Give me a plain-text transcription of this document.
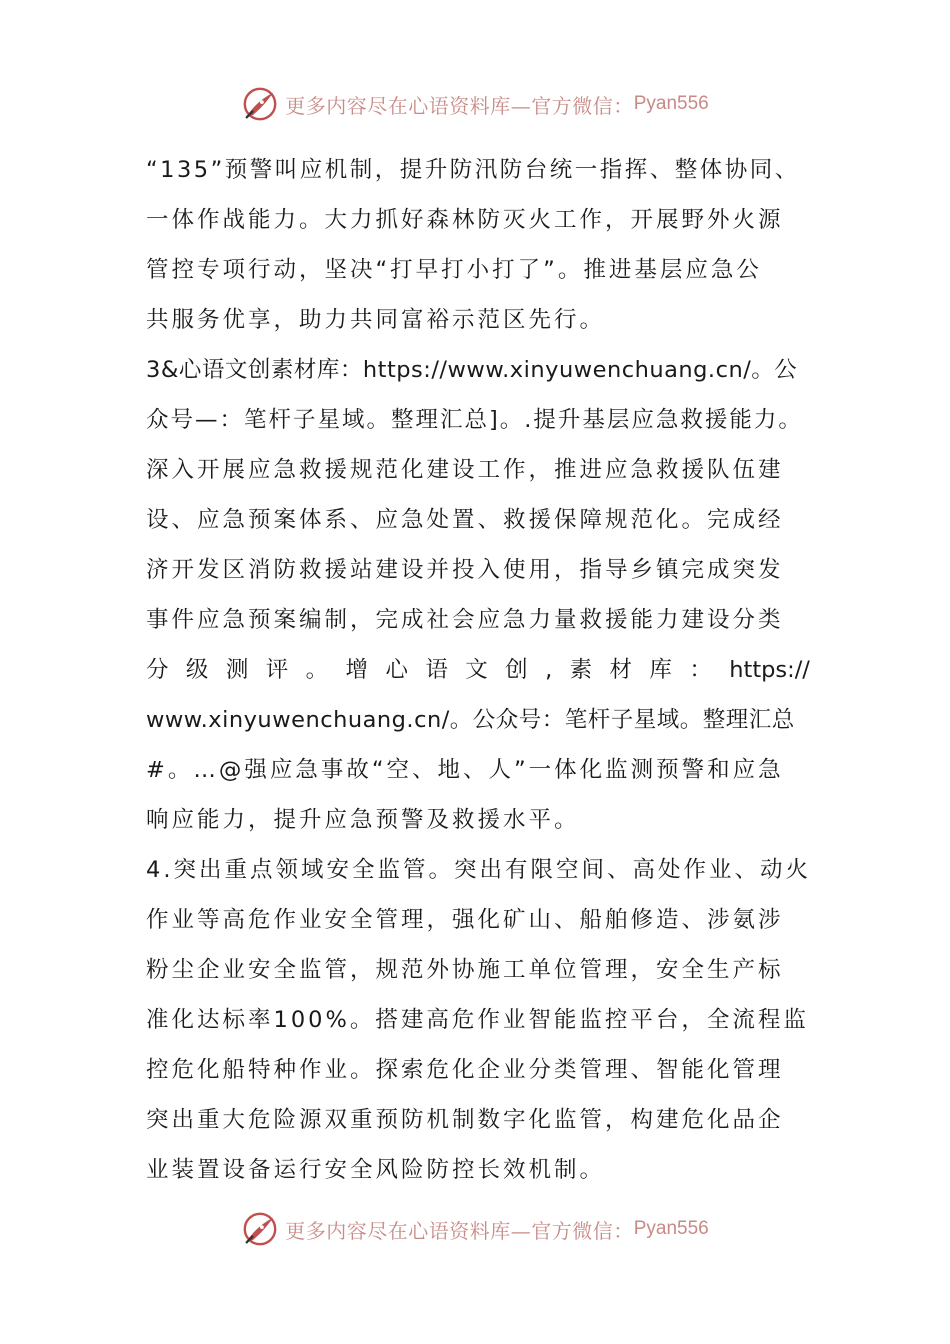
更多内容尽在心语资料库—官方微信： Pyan556
“135”预警叫应机制，提升防汛防台统一指挥、整体协同、
一体作战能力。大力抓好森林防灭火工作，开展野外火源
管控专项行动，坚决“打早打小打了”。推进基层应急公
共服务优享，助力共同富裕示范区先行。
3&心语文创素材库：https://www.xinyuwenchuang.cn/。公
众号—：笔杆子星域。整理汇总]。.提升基层应急救援能力。
深入开展应急救援规范化建设工作，推进应急救援队伍建
设、应急预案体系、应急处置、救援保障规范化。完成经
济开发区消防救援站建设并投入使用，指导乡镇完成突发
事件应急预案编制，完成社会应急力量救援能力建设分类
分 级 测 评 。 增 心 语 文 创 , 素 材 库 ： https://
www.xinyuwenchuang.cn/。公众号：笔杆子星域。整理汇总
#。…@强应急事故“空、地、人”一体化监测预警和应急
响应能力，提升应急预警及救援水平。
4.突出重点领域安全监管。突出有限空间、高处作业、动火
作业等高危作业安全管理，强化矿山、船舶修造、涉氨涉
粉尘企业安全监管，规范外协施工单位管理，安全生产标
准化达标率100%。搭建高危作业智能监控平台，全流程监
控危化船特种作业。探索危化企业分类管理、智能化管理
突出重大危险源双重预防机制数字化监管，构建危化品企
业装置设备运行安全风险防控长效机制。
更多内容尽在心语资料库—官方微信： Pyan556
